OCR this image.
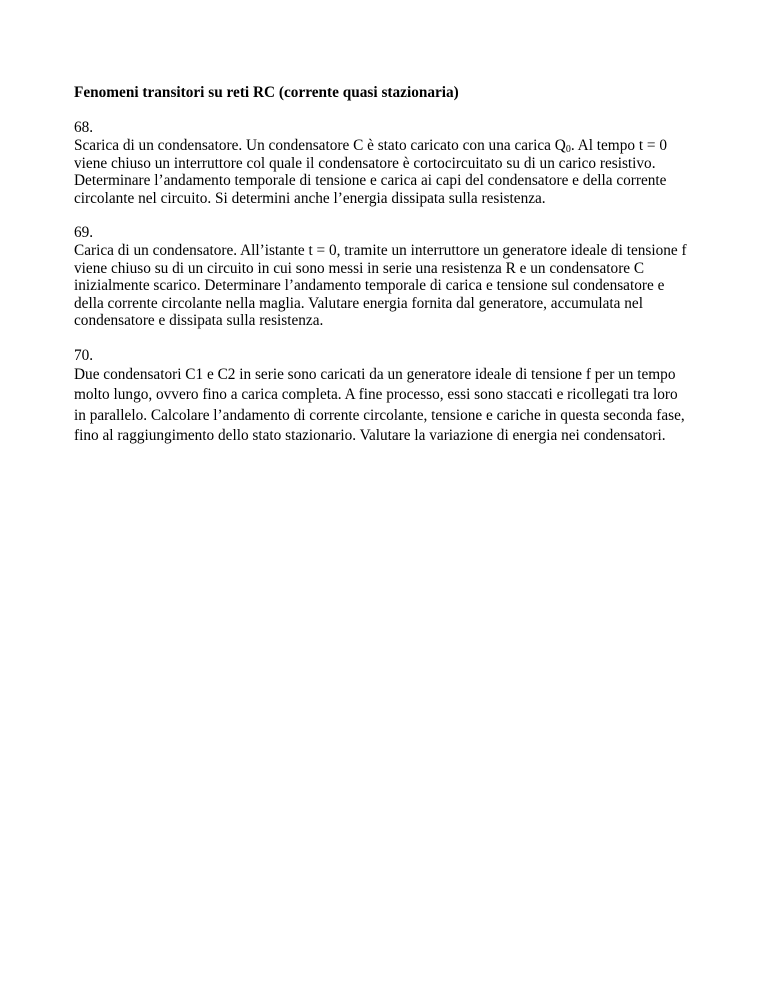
Fenomeni transitori su reti RC (corrente quasi stazionaria)
68.
Scarica di un condensatore. Un condensatore C è stato caricato con una carica $Q_0$. Al tempo t = 0
viene chiuso un interruttore col quale il condensatore è cortocircuitato su di un carico resistivo.
Determinare l’andamento temporale di tensione e carica ai capi del condensatore e della corrente
circolante nel circuito. Si determini anche l’energia dissipata sulla resistenza.
69.
Carica di un condensatore. All’istante t = 0, tramite un interruttore un generatore ideale di tensione f
viene chiuso su di un circuito in cui sono messi in serie una resistenza R e un condensatore C
inizialmente scarico. Determinare l’andamento temporale di carica e tensione sul condensatore e
della corrente circolante nella maglia. Valutare energia fornita dal generatore, accumulata nel
condensatore e dissipata sulla resistenza.
70.
Due condensatori C1 e C2 in serie sono caricati da un generatore ideale di tensione f per un tempo
molto lungo, ovvero fino a carica completa. A fine processo, essi sono staccati e ricollegati tra loro
in parallelo. Calcolare l’andamento di corrente circolante, tensione e cariche in questa seconda fase,
fino al raggiungimento dello stato stazionario. Valutare la variazione di energia nei condensatori.
